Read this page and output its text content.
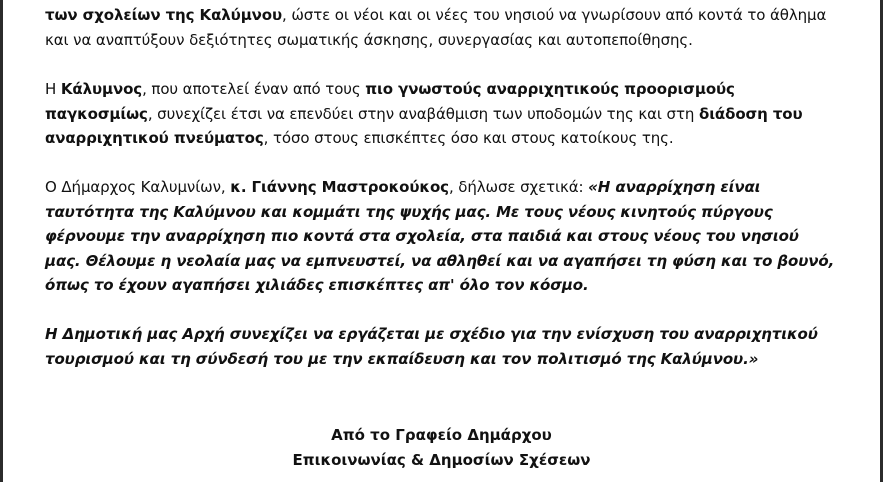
των σχολείων της Καλύμνου, ώστε οι νέοι και οι νέες του νησιού να γνωρίσουν από κοντά το άθλημα και να αναπτύξουν δεξιότητες σωματικής άσκησης, συνεργασίας και αυτοπεποίθησης.

Η Κάλυμνος, που αποτελεί έναν από τους πιο γνωστούς αναρριχητικούς προορισμούς παγκοσμίως, συνεχίζει έτσι να επενδύει στην αναβάθμιση των υποδομών της και στη διάδοση του αναρριχητικού πνεύματος, τόσο στους επισκέπτες όσο και στους κατοίκους της.

Ο Δήμαρχος Καλυμνίων, κ. Γιάννης Μαστροκούκος, δήλωσε σχετικά: «Η αναρρίχηση είναι ταυτότητα της Καλύμνου και κομμάτι της ψυχής μας. Με τους νέους κινητούς πύργους φέρνουμε την αναρρίχηση πιο κοντά στα σχολεία, στα παιδιά και στους νέους του νησιού μας. Θέλουμε η νεολαία μας να εμπνευστεί, να αθληθεί και να αγαπήσει τη φύση και το βουνό, όπως το έχουν αγαπήσει χιλιάδες επισκέπτες απ' όλο τον κόσμο.

Η Δημοτική μας Αρχή συνεχίζει να εργάζεται με σχέδιο για την ενίσχυση του αναρριχητικού τουρισμού και τη σύνδεσή του με την εκπαίδευση και τον πολιτισμό της Καλύμνου.»

Από το Γραφείο Δημάρχου
Επικοινωνίας & Δημοσίων Σχέσεων
